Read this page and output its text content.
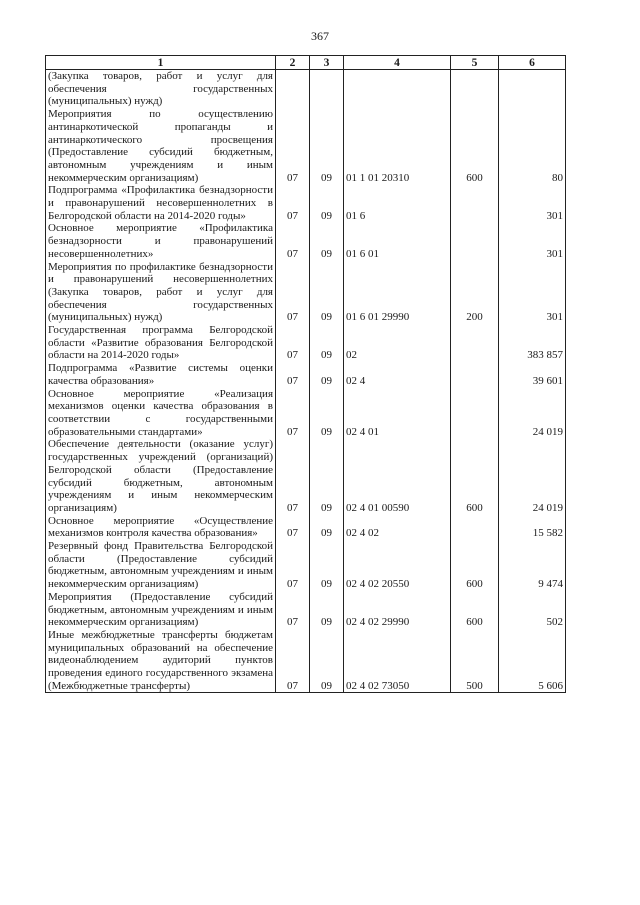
367
1	2	3	4	5	6
(Закупка товаров, работ и услуг для обеспечения государственных (муниципальных) нужд)					
Мероприятия по осуществлению антинаркотической пропаганды и антинаркотического просвещения (Предоставление субсидий бюджетным, автономным учреждениям и иным некоммерческим организациям)	07	09	01 1 01 20310	600	80
Подпрограмма «Профилактика безнадзорности и правонарушений несовершеннолетних в Белгородской области на 2014-2020 годы»	07	09	01 6		301
Основное мероприятие «Профилактика безнадзорности и правонарушений несовершеннолетних»	07	09	01 6 01		301
Мероприятия по профилактике безнадзорности и правонарушений несовершеннолетних (Закупка товаров, работ и услуг для обеспечения государственных (муниципальных) нужд)	07	09	01 6 01 29990	200	301
Государственная программа Белгородской области «Развитие образования Белгородской области на 2014-2020 годы»	07	09	02		383 857
Подпрограмма «Развитие системы оценки качества образования»	07	09	02 4		39 601
Основное мероприятие «Реализация механизмов оценки качества образования в соответствии с государственными образовательными стандартами»	07	09	02 4 01		24 019
Обеспечение деятельности (оказание услуг) государственных учреждений (организаций) Белгородской области (Предоставление субсидий бюджетным, автономным учреждениям и иным некоммерческим организациям)	07	09	02 4 01 00590	600	24 019
Основное мероприятие «Осуществление механизмов контроля качества образования»	07	09	02 4 02		15 582
Резервный фонд Правительства Белгородской области (Предоставление субсидий бюджетным, автономным учреждениям и иным некоммерческим организациям)	07	09	02 4 02 20550	600	9 474
Мероприятия (Предоставление субсидий бюджетным, автономным учреждениям и иным некоммерческим организациям)	07	09	02 4 02 29990	600	502
Иные межбюджетные трансферты бюджетам муниципальных образований на обеспечение видеонаблюдением аудиторий пунктов проведения единого государственного экзамена (Межбюджетные трансферты)	07	09	02 4 02 73050	500	5 606
